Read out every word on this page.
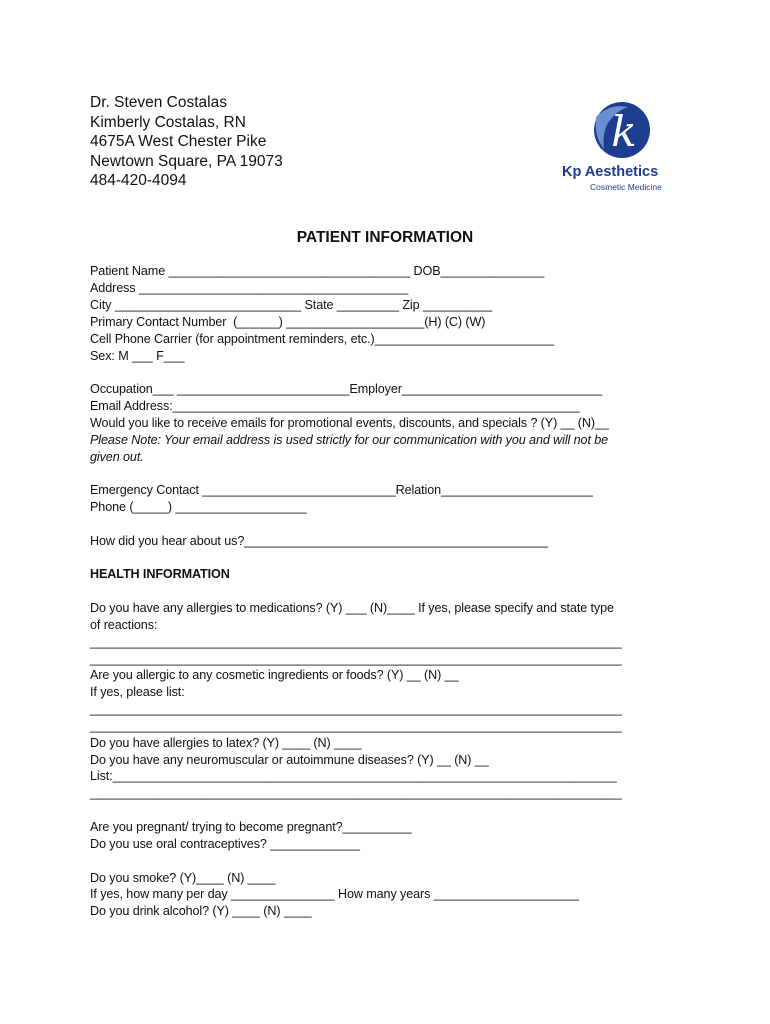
Dr. Steven Costalas
Kimberly Costalas, RN
4675A West Chester Pike
Newtown Square, PA 19073
484-420-4094
k
Kp Aesthetics
Cosmetic Medicine
PATIENT INFORMATION
Patient Name ___________________________________ DOB_______________
Address _______________________________________
City ___________________________ State _________ Zip __________
Primary Contact Number  (______) ____________________(H) (C) (W)
Cell Phone Carrier (for appointment reminders, etc.)__________________________
Sex: M ___ F___
Occupation___ _________________________Employer_____________________________
Email Address:___________________________________________________________
Would you like to receive emails for promotional events, discounts, and specials ? (Y) __ (N)__
Please Note: Your email address is used strictly for our communication with you and will not be
given out.
Emergency Contact ____________________________Relation______________________
Phone (_____) ___________________
How did you hear about us?____________________________________________
HEALTH INFORMATION
Do you have any allergies to medications? (Y) ___ (N)____ If yes, please specify and state type
of reactions:
_____________________________________________________________________________
_____________________________________________________________________________
Are you allergic to any cosmetic ingredients or foods? (Y) __ (N) __
If yes, please list:
_____________________________________________________________________________
_____________________________________________________________________________
Do you have allergies to latex? (Y) ____ (N) ____
Do you have any neuromuscular or autoimmune diseases? (Y) __ (N) __
List:_________________________________________________________________________
_____________________________________________________________________________
Are you pregnant/ trying to become pregnant?__________
Do you use oral contraceptives? _____________
Do you smoke? (Y)____ (N) ____
If yes, how many per day _______________ How many years _____________________
Do you drink alcohol? (Y) ____ (N) ____
